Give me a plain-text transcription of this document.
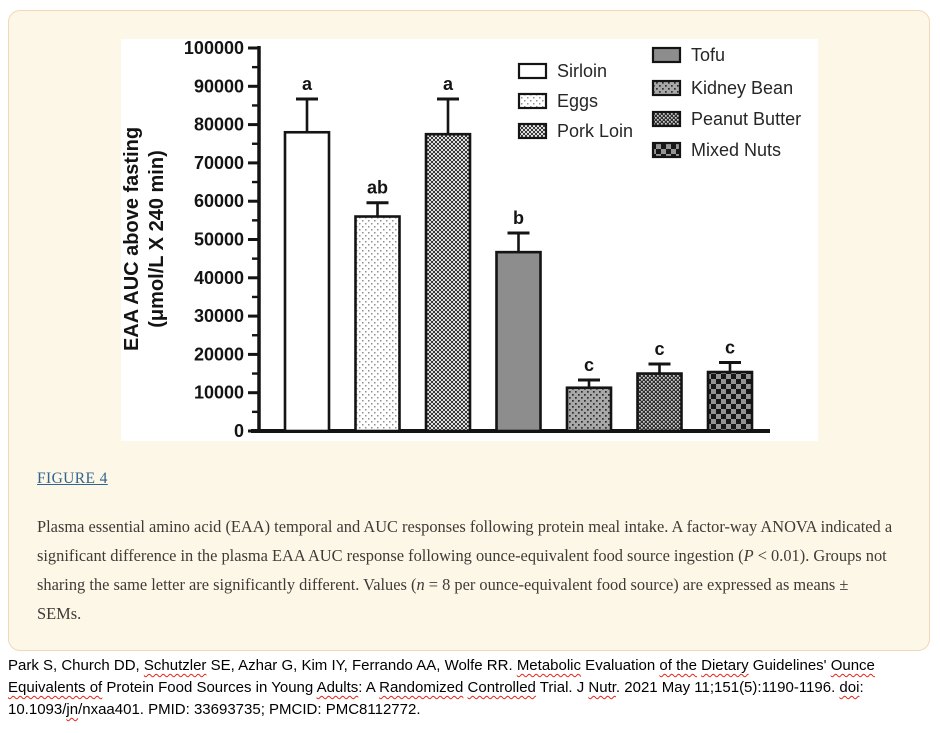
0
10000
20000
30000
40000
50000
60000
70000
80000
90000
100000
EAA AUC above fasting (μmol/L X 240 min)
a
ab
a
b
c
c	c
Sirloin
Eggs
Pork Loin
Tofu
Kidney Bean
Peanut Butter
Mixed Nuts
FIGURE 4

Plasma essential amino acid (EAA) temporal and AUC responses following protein meal intake. A factor-way ANOVA indicated a significant difference in the plasma EAA AUC response following ounce-equivalent food source ingestion (P < 0.01). Groups not sharing the same letter are significantly different. Values (n = 8 per ounce-equivalent food source) are expressed as means ± SEMs.

Park S, Church DD, Schutzler SE, Azhar G, Kim IY, Ferrando AA, Wolfe RR. Metabolic Evaluation of the Dietary Guidelines' Ounce Equivalents of Protein Food Sources in Young Adults: A Randomized Controlled Trial. J Nutr. 2021 May 11;151(5):1190-1196. doi: 10.1093/jn/nxaa401. PMID: 33693735; PMCID: PMC8112772.
